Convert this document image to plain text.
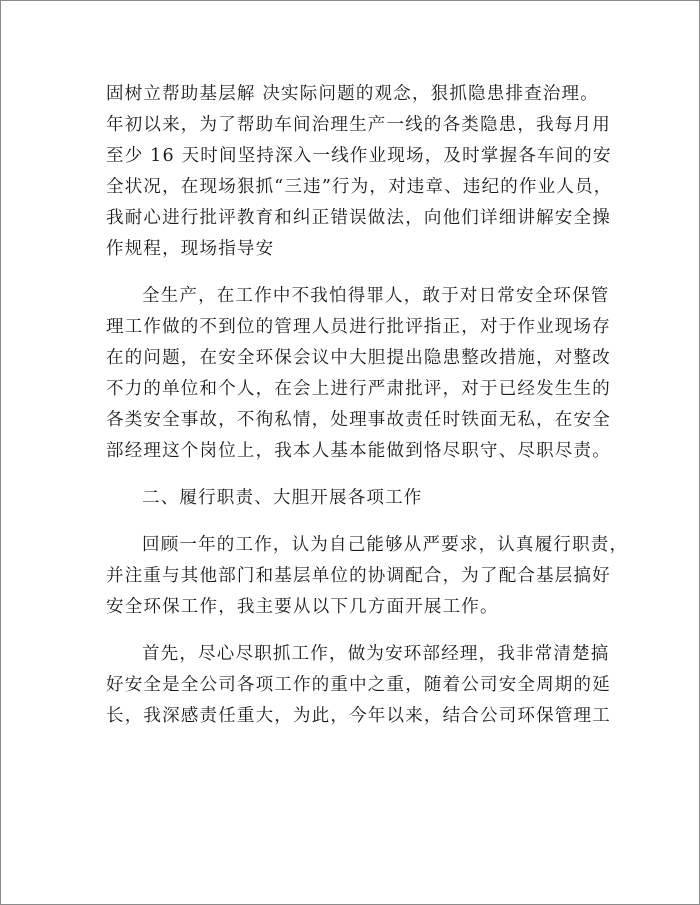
固树立帮助基层解 决实际问题的观念，狠抓隐患排查治理。
年初以来，为了帮助车间治理生产一线的各类隐患，我每月用
至少 16 天时间坚持深入一线作业现场，及时掌握各车间的安
全状况，在现场狠抓“三违”行为，对违章、违纪的作业人员，
我耐心进行批评教育和纠正错误做法，向他们详细讲解安全操
作规程，现场指导安

全生产，在工作中不我怕得罪人，敢于对日常安全环保管
理工作做的不到位的管理人员进行批评指正，对于作业现场存
在的问题，在安全环保会议中大胆提出隐患整改措施，对整改
不力的单位和个人，在会上进行严肃批评，对于已经发生生的
各类安全事故，不徇私情，处理事故责任时铁面无私，在安全
部经理这个岗位上，我本人基本能做到恪尽职守、尽职尽责。

二、履行职责、大胆开展各项工作

回顾一年的工作，认为自己能够从严要求，认真履行职责，
并注重与其他部门和基层单位的协调配合，为了配合基层搞好
安全环保工作，我主要从以下几方面开展工作。

首先，尽心尽职抓工作，做为安环部经理，我非常清楚搞
好安全是全公司各项工作的重中之重，随着公司安全周期的延
长，我深感责任重大，为此，今年以来，结合公司环保管理工
